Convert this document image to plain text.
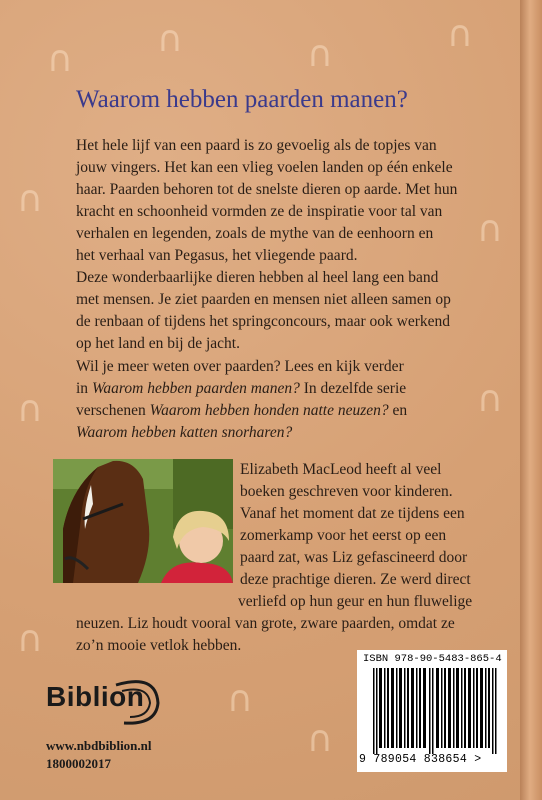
∩ ∩	∩	∩
∩
∩
∩	∩
∩
∩
∩
Waarom hebben paarden manen?

Het hele lijf van een paard is zo gevoelig als de topjes van
jouw vingers. Het kan een vlieg voelen landen op één enkele
haar. Paarden behoren tot de snelste dieren op aarde. Met hun
kracht en schoonheid vormden ze de inspiratie voor tal van
verhalen en legenden, zoals de mythe van de eenhoorn en
het verhaal van Pegasus, het vliegende paard.
Deze wonderbaarlijke dieren hebben al heel lang een band
met mensen. Je ziet paarden en mensen niet alleen samen op
de renbaan of tijdens het springconcours, maar ook werkend
op het land en bij de jacht.

Wil je meer weten over paarden? Lees en kijk verder
in Waarom hebben paarden manen? In dezelfde serie
verschenen Waarom hebben honden natte neuzen? en
Waarom hebben katten snorharen?

Elizabeth MacLeod heeft al veel
boeken geschreven voor kinderen.
Vanaf het moment dat ze tijdens een
zomerkamp voor het eerst op een
paard zat, was Liz gefascineerd door
deze prachtige dieren. Ze werd direct

verliefd op hun geur en hun fluwelige
neuzen. Liz houdt vooral van grote, zware paarden, omdat ze
zo’n mooie vetlok hebben.

Biblion
www.nbdbiblion.nl
1800002017
ISBN 978-90-5483-865-4
9 789054 838654 >
